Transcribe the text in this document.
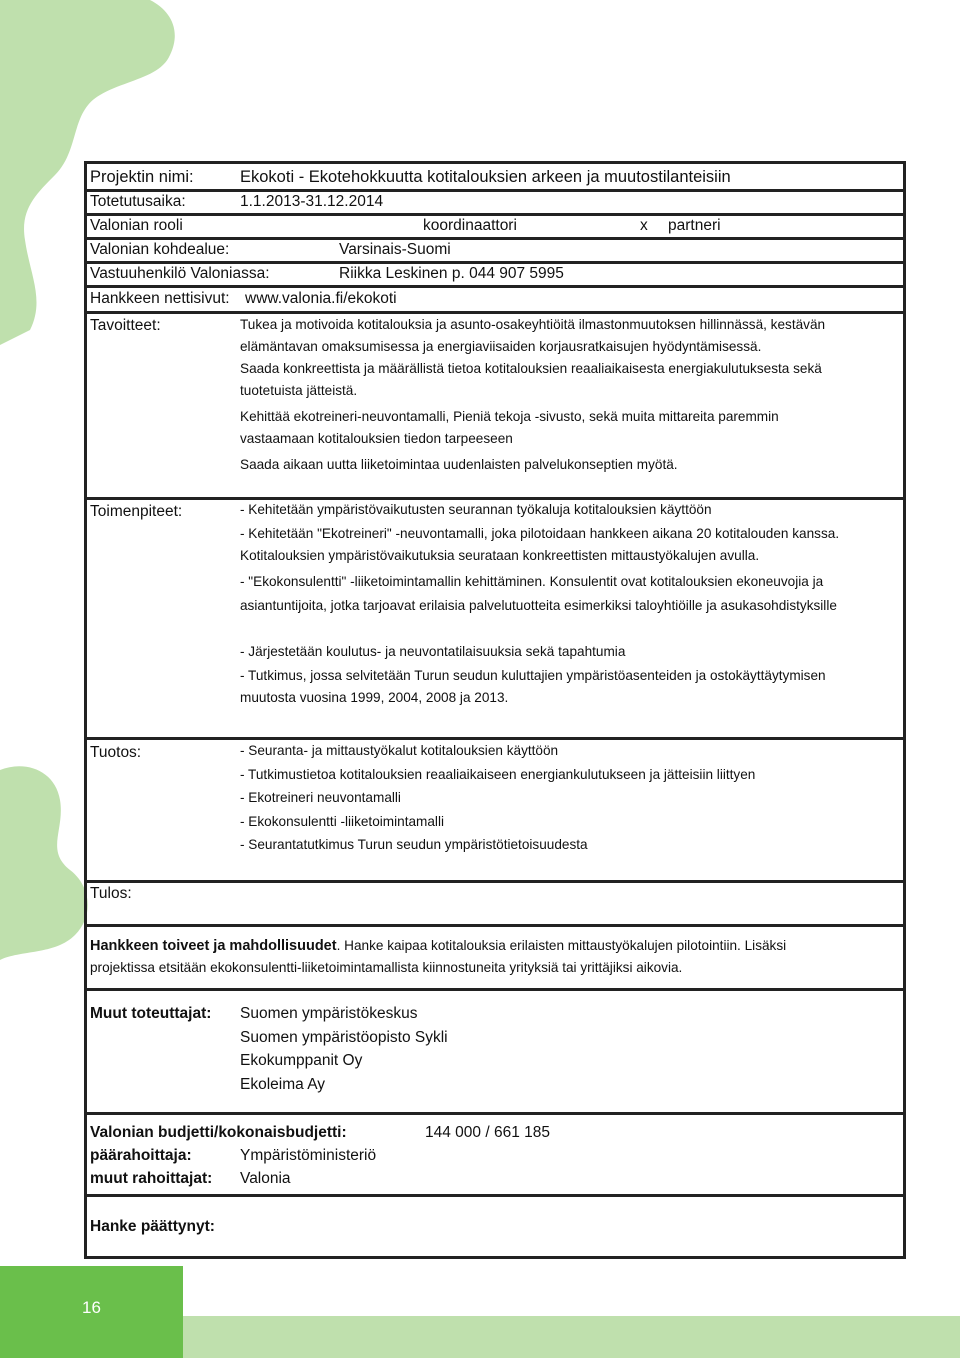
Projektin nimi:	Ekokoti - Ekotehokkuutta kotitalouksien arkeen ja muutostilanteisiin
Totetutusaika:	1.1.2013-31.12.2014
Valonian rooli	koordinaattori	x partneri
Valonian kohdealue:	Varsinais-Suomi
Vastuuhenkilö Valoniassa:	Riikka Leskinen p. 044 907 5995
Hankkeen nettisivut: www.valonia.fi/ekokoti
Tavoitteet:	Tukea ja motivoida kotitalouksia ja asunto-osakeyhtiöitä ilmastonmuutoksen hillinnässä, kestävän
elämäntavan omaksumisessa ja energiaviisaiden korjausratkaisujen hyödyntämisessä.
Saada konkreettista ja määrällistä tietoa kotitalouksien reaaliaikaisesta energiakulutuksesta sekä
tuotetuista jätteistä.
Kehittää ekotreineri-neuvontamalli, Pieniä tekoja -sivusto, sekä muita mittareita paremmin
vastaamaan kotitalouksien tiedon tarpeeseen
Saada aikaan uutta liiketoimintaa uudenlaisten palvelukonseptien myötä.
Toimenpiteet:	- Kehitetään ympäristövaikutusten seurannan työkaluja kotitalouksien käyttöön
- Kehitetään "Ekotreineri" -neuvontamalli, joka pilotoidaan hankkeen aikana 20 kotitalouden kanssa.
Kotitalouksien ympäristövaikutuksia seurataan konkreettisten mittaustyökalujen avulla.
- "Ekokonsulentti" -liiketoimintamallin kehittäminen. Konsulentit ovat kotitalouksien ekoneuvojia ja
asiantuntijoita, jotka tarjoavat erilaisia palvelutuotteita esimerkiksi taloyhtiöille ja asukasohdistyksille
- Järjestetään koulutus- ja neuvontatilaisuuksia sekä tapahtumia
- Tutkimus, jossa selvitetään Turun seudun kuluttajien ympäristöasenteiden ja ostokäyttäytymisen
muutosta vuosina 1999, 2004, 2008 ja 2013.
Tuotos:	- Seuranta- ja mittaustyökalut kotitalouksien käyttöön
- Tutkimustietoa kotitalouksien reaaliaikaiseen energiankulutukseen ja jätteisiin liittyen
- Ekotreineri neuvontamalli
- Ekokonsulentti -liiketoimintamalli
- Seurantatutkimus Turun seudun ympäristötietoisuudesta
Tulos:
Hankkeen toiveet ja mahdollisuudet. Hanke kaipaa kotitalouksia erilaisten mittaustyökalujen pilotointiin. Lisäksi
projektissa etsitään ekokonsulentti-liiketoimintamallista kiinnostuneita yrityksiä tai yrittäjiksi aikovia.
Muut toteuttajat: Suomen ympäristökeskus
Suomen ympäristöopisto Sykli
Ekokumppanit Oy
Ekoleima Ay
Valonian budjetti/kokonaisbudjetti:	144 000 / 661 185
päärahoittaja:	Ympäristöministeriö
muut rahoittajat: Valonia
Hanke päättynyt:
16
